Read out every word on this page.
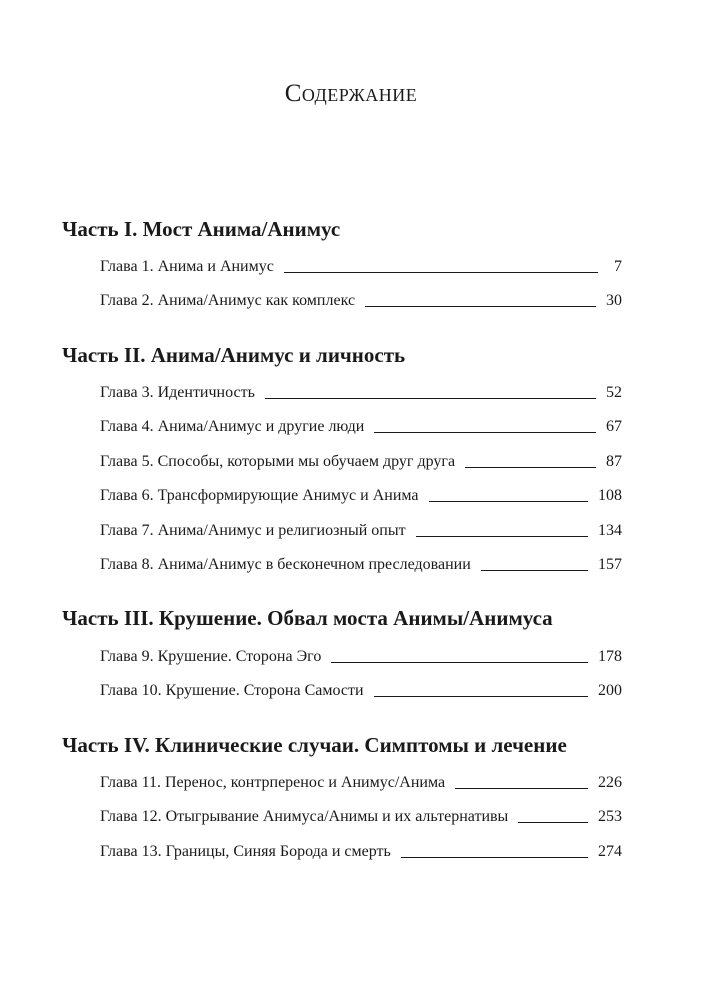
Содержание
Часть I. Мост Анима/Анимус
Глава 1. Анима и Анимус	7
Глава 2. Анима/Анимус как комплекс	30
Часть II. Анима/Анимус и личность
Глава 3. Идентичность	52
Глава 4. Анима/Анимус и другие люди	67
Глава 5. Способы, которыми мы обучаем друг друга	87
Глава 6. Трансформирующие Анимус и Анима	108
Глава 7. Анима/Анимус и религиозный опыт	134
Глава 8. Анима/Анимус в бесконечном преследовании	157
Часть III. Крушение. Обвал моста Анимы/Анимуса
Глава 9. Крушение. Сторона Эго	178
Глава 10. Крушение. Сторона Самости	200
Часть IV. Клинические случаи. Симптомы и лечение
Глава 11. Перенос, контрперенос и Анимус/Анима	226
Глава 12. Отыгрывание Анимуса/Анимы и их альтернативы	253
Глава 13. Границы, Синяя Борода и смерть	274
